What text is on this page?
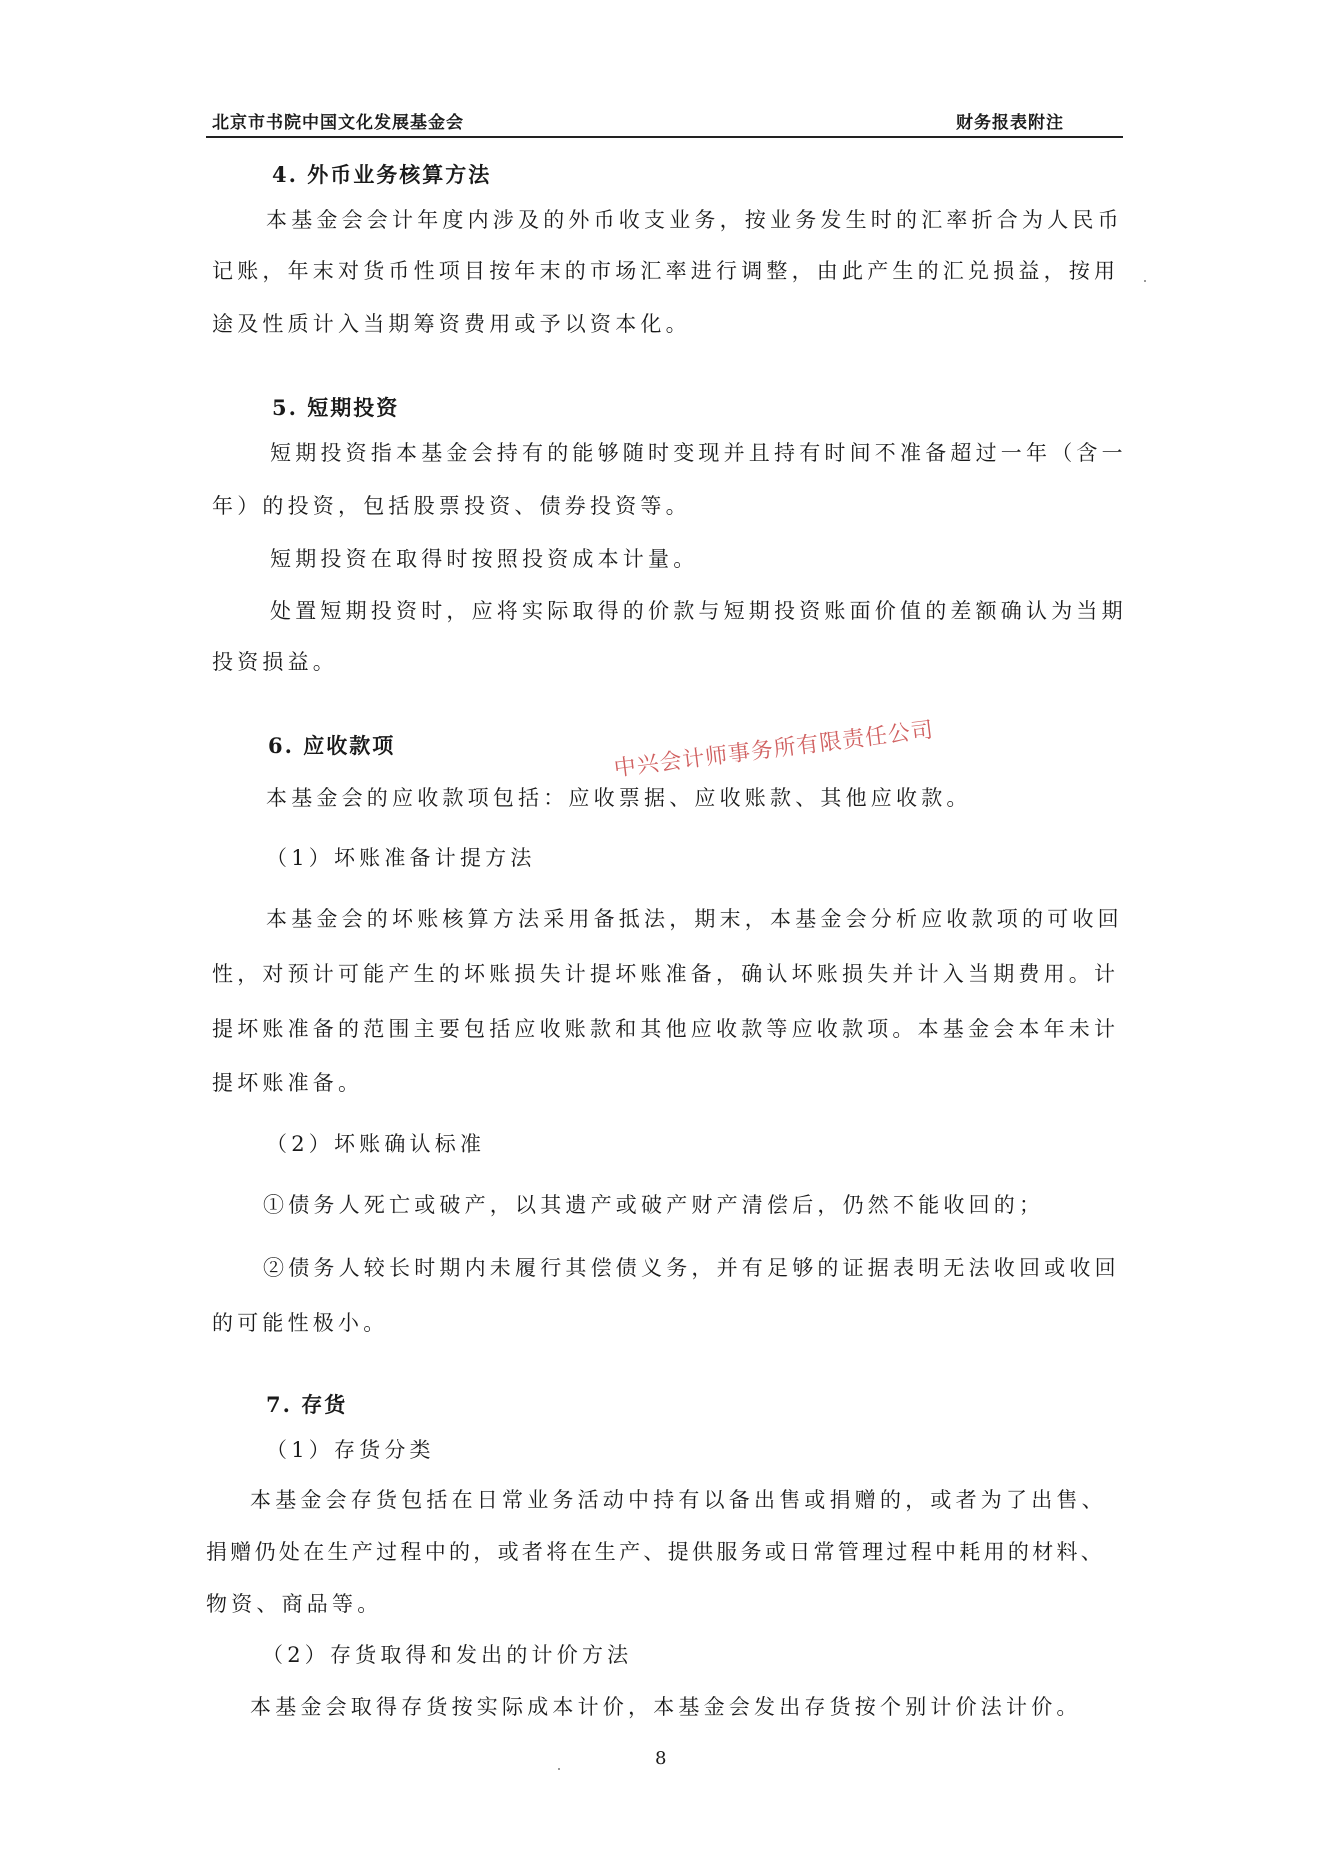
北京市书院中国文化发展基金会	财务报表附注
4. 外币业务核算方法
本基金会会计年度内涉及的外币收支业务，按业务发生时的汇率折合为人民币
记账，年末对货币性项目按年末的市场汇率进行调整，由此产生的汇兑损益，按用
途及性质计入当期筹资费用或予以资本化。
5. 短期投资
短期投资指本基金会持有的能够随时变现并且持有时间不准备超过一年（含一
年）的投资，包括股票投资、债券投资等。
短期投资在取得时按照投资成本计量。
处置短期投资时，应将实际取得的价款与短期投资账面价值的差额确认为当期
投资损益。
6. 应收款项
本基金会的应收款项包括：应收票据、应收账款、其他应收款。
（1）坏账准备计提方法
本基金会的坏账核算方法采用备抵法，期末，本基金会分析应收款项的可收回
性，对预计可能产生的坏账损失计提坏账准备，确认坏账损失并计入当期费用。计
提坏账准备的范围主要包括应收账款和其他应收款等应收款项。本基金会本年未计
提坏账准备。
（2）坏账确认标准
①债务人死亡或破产，以其遗产或破产财产清偿后，仍然不能收回的；
②债务人较长时期内未履行其偿债义务，并有足够的证据表明无法收回或收回
的可能性极小。
中兴会计师事务所有限责任公司
7. 存货
（1）存货分类
本基金会存货包括在日常业务活动中持有以备出售或捐赠的，或者为了出售、
捐赠仍处在生产过程中的，或者将在生产、提供服务或日常管理过程中耗用的材料、
物资、商品等。
（2）存货取得和发出的计价方法
本基金会取得存货按实际成本计价，本基金会发出存货按个别计价法计价。
8
